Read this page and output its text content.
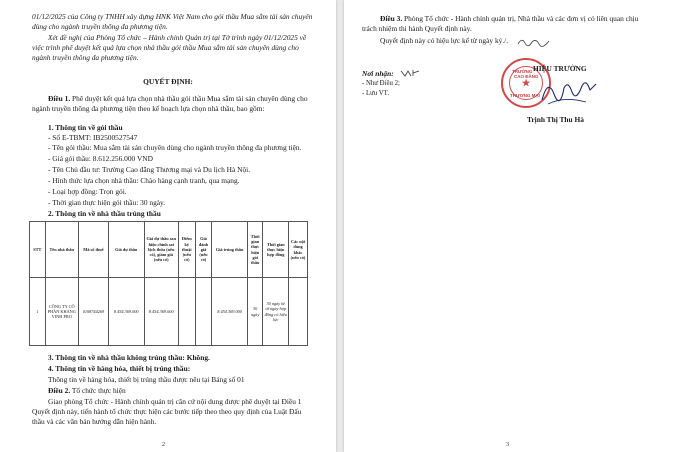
01/12/2025 của Công ty TNHH xây dựng HNK Việt Nam cho gói thầu Mua sắm tài sản chuyên
dùng cho ngành truyền thông đa phương tiện.
Xét đề nghị của Phòng Tổ chức – Hành chính Quản trị tại Tờ trình ngày 01/12/2025 về
việc trình phê duyệt kết quả lựa chọn nhà thầu gói thầu Mua sắm tài sản chuyên dùng cho
ngành truyền thông đa phương tiện.
QUYẾT ĐỊNH:
Điều 1. Phê duyệt kết quả lựa chọn nhà thầu gói thầu Mua sắm tài sản chuyên dùng cho ngành truyền thông đa phương tiện theo kế hoạch lựa chọn nhà thầu, bao gồm:
1. Thông tin về gói thầu
- Số E-TBMT: IB2500527547
- Tên gói thầu: Mua sắm tài sản chuyên dùng cho ngành truyền thông đa phương tiện.
- Giá gói thầu: 8.612.256.000 VND
- Tên Chủ đầu tư: Trường Cao đẳng Thương mại và Du lịch Hà Nội.
- Hình thức lựa chọn nhà thầu: Chào hàng cạnh tranh, qua mạng.
- Loại hợp đồng: Trọn gói.
- Thời gian thực hiện gói thầu: 30 ngày.
2. Thông tin về nhà thầu trúng thầu
STT	Tên nhà thầu	Mã số thuế	Giá dự thầu	Giá dự thầu sau hiệu chỉnh sai lệch thừa (nếu có), giảm giá (nếu có)	Điểm kỹ thuật (nếu có)	Giá đánh giá (nếu có)	Giá trúng thầu	Thời gian thực hiện gói thầu	Thời gian thực hiện hợp đồng	Các nội dung khác (nếu có)
1	CÔNG TY CỔ PHẦN KHANG VINH PRO	0108744269	8.454.369.000	8.454.369.000			8.454.369.000	30 ngày	30 ngày kể từ ngày hợp đồng có hiệu lực	
3. Thông tin về nhà thầu không trúng thầu: Không.
4. Thông tin về hàng hóa, thiết bị trúng thầu:
Thông tin về hàng hóa, thiết bị trúng thầu được nêu tại Bảng số 01
Điều 2. Tổ chức thực hiện
Giao phòng Tổ chức - Hành chính quản trị căn cứ nội dung được phê duyệt tại Điều 1 Quyết định này, tiến hành tổ chức thực hiện các bước tiếp theo theo quy định của Luật Đấu thầu và các văn bản hướng dẫn hiện hành.
2
Điều 3. Phòng Tổ chức - Hành chính quản trị, Nhà thầu và các đơn vị có liên quan chịu
trách nhiệm thi hành Quyết định này.
Quyết định này có hiệu lực kể từ ngày ký./.
Nơi nhận:
- Như Điều 2;
- Lưu VT.
★
TRƯỜNG
CAO ĐẲNG
THƯƠNG MẠI
HIỆU TRƯỞNG
Trịnh Thị Thu Hà
3
